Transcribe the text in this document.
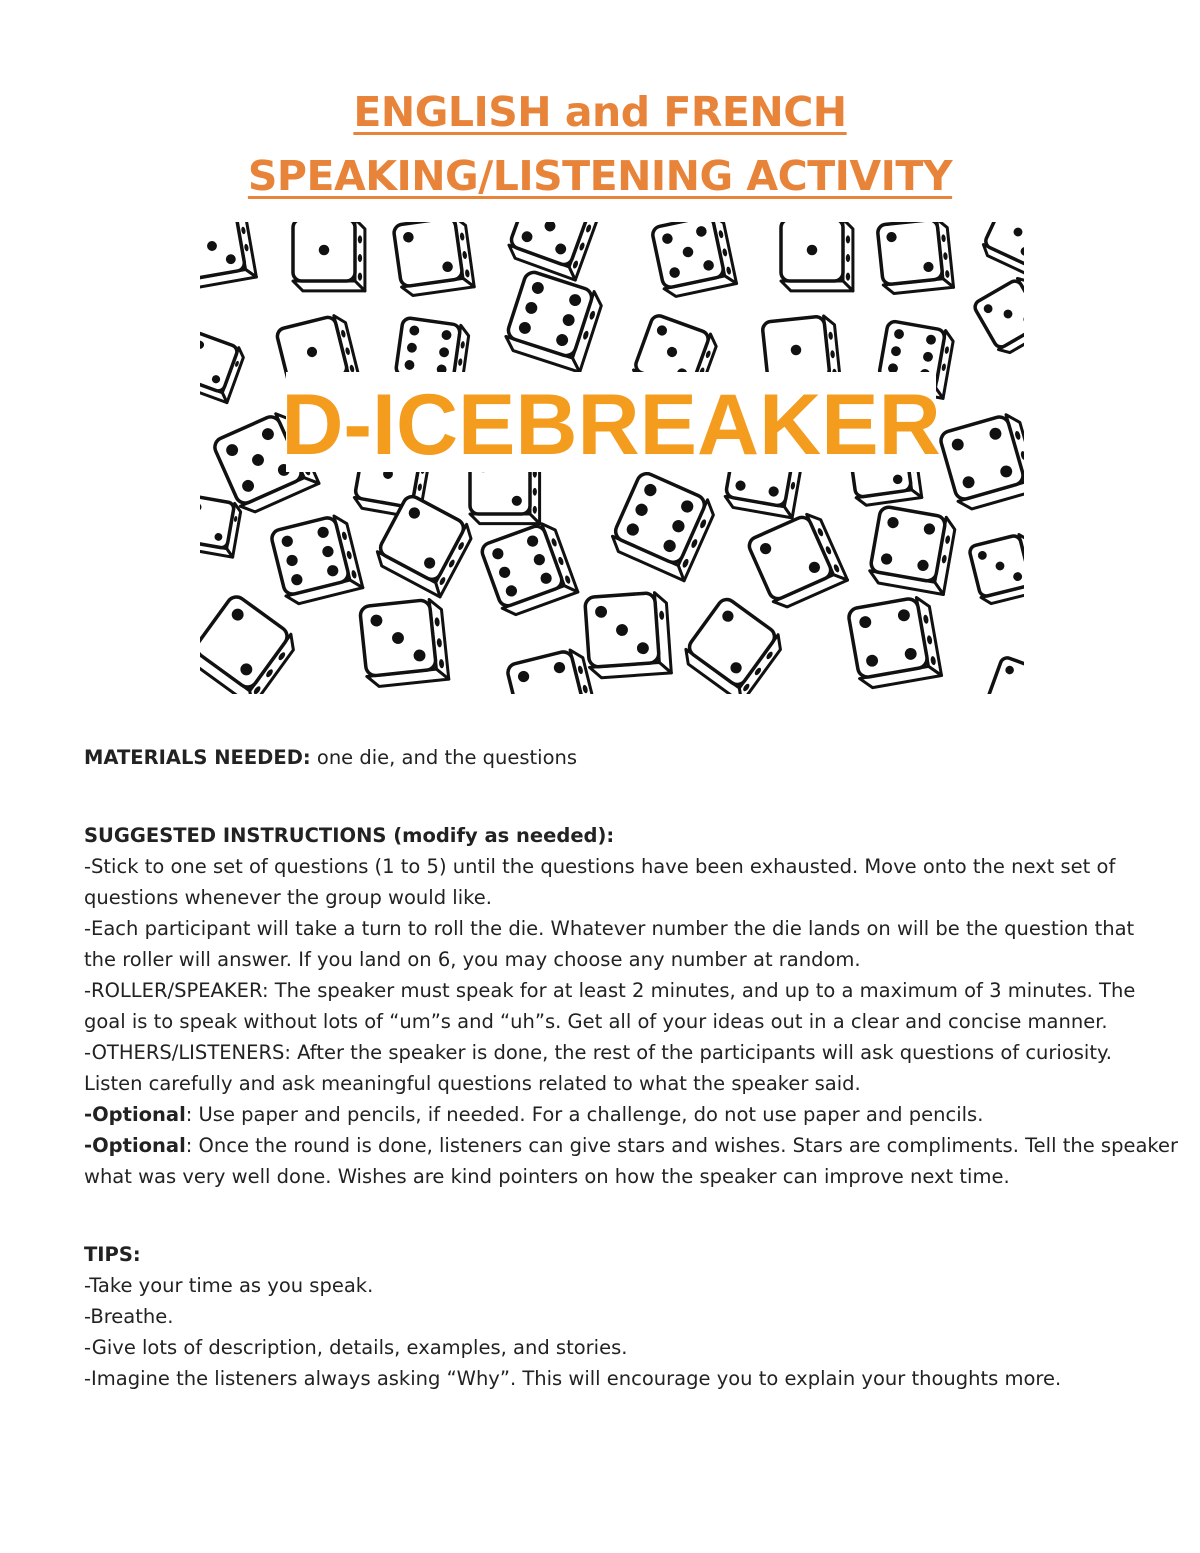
ENGLISH and FRENCH
SPEAKING/LISTENING ACTIVITY
D-ICEBREAKER
MATERIALS NEEDED: one die, and the questions
SUGGESTED INSTRUCTIONS (modify as needed):
-Stick to one set of questions (1 to 5) until the questions have been exhausted. Move onto the next set of
questions whenever the group would like.
-Each participant will take a turn to roll the die. Whatever number the die lands on will be the question that
the roller will answer. If you land on 6, you may choose any number at random.
-ROLLER/SPEAKER: The speaker must speak for at least 2 minutes, and up to a maximum of 3 minutes. The
goal is to speak without lots of “um”s and “uh”s. Get all of your ideas out in a clear and concise manner.
-OTHERS/LISTENERS: After the speaker is done, the rest of the participants will ask questions of curiosity.
Listen carefully and ask meaningful questions related to what the speaker said.
-Optional: Use paper and pencils, if needed. For a challenge, do not use paper and pencils.
-Optional: Once the round is done, listeners can give stars and wishes. Stars are compliments. Tell the speaker
what was very well done. Wishes are kind pointers on how the speaker can improve next time.
TIPS:
-Take your time as you speak.
-Breathe.
-Give lots of description, details, examples, and stories.
-Imagine the listeners always asking “Why”. This will encourage you to explain your thoughts more.
